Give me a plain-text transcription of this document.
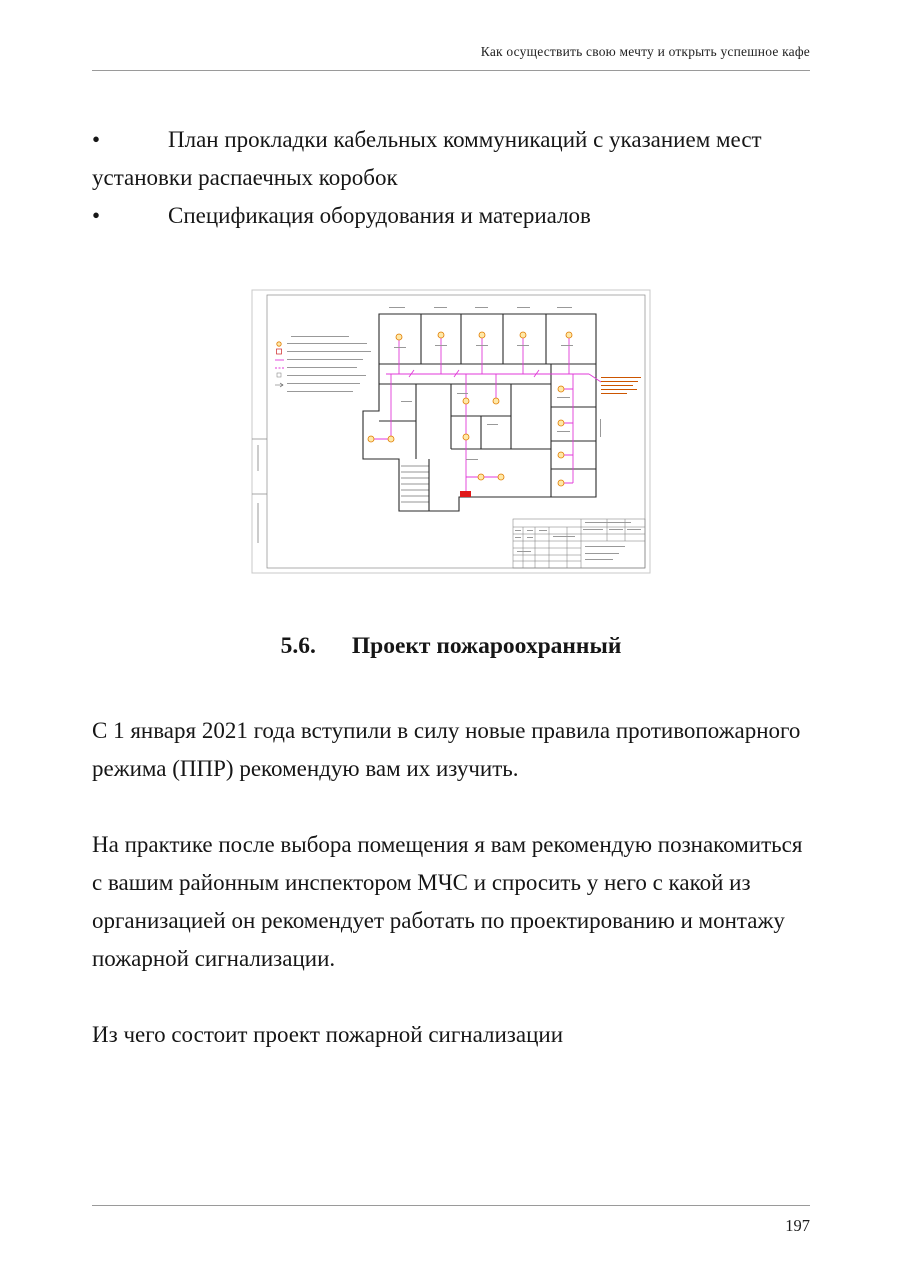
Как осуществить свою мечту и открыть успешное кафе
•	План прокладки кабельных коммуникаций с указанием мест установки распаечных коробок
•	Спецификация оборудования и материалов
5.6. Проект пожароохранный

С 1 января 2021 года вступили в силу новые правила противопожарного режима (ППР) рекомендую вам их изучить.

На практике после выбора помещения я вам рекомендую познакомиться с вашим районным инспектором МЧС и спросить у него с какой из организацией он рекомендует работать по проектированию и монтажу пожарной сигнализации.

Из чего состоит проект пожарной сигнализации

197
